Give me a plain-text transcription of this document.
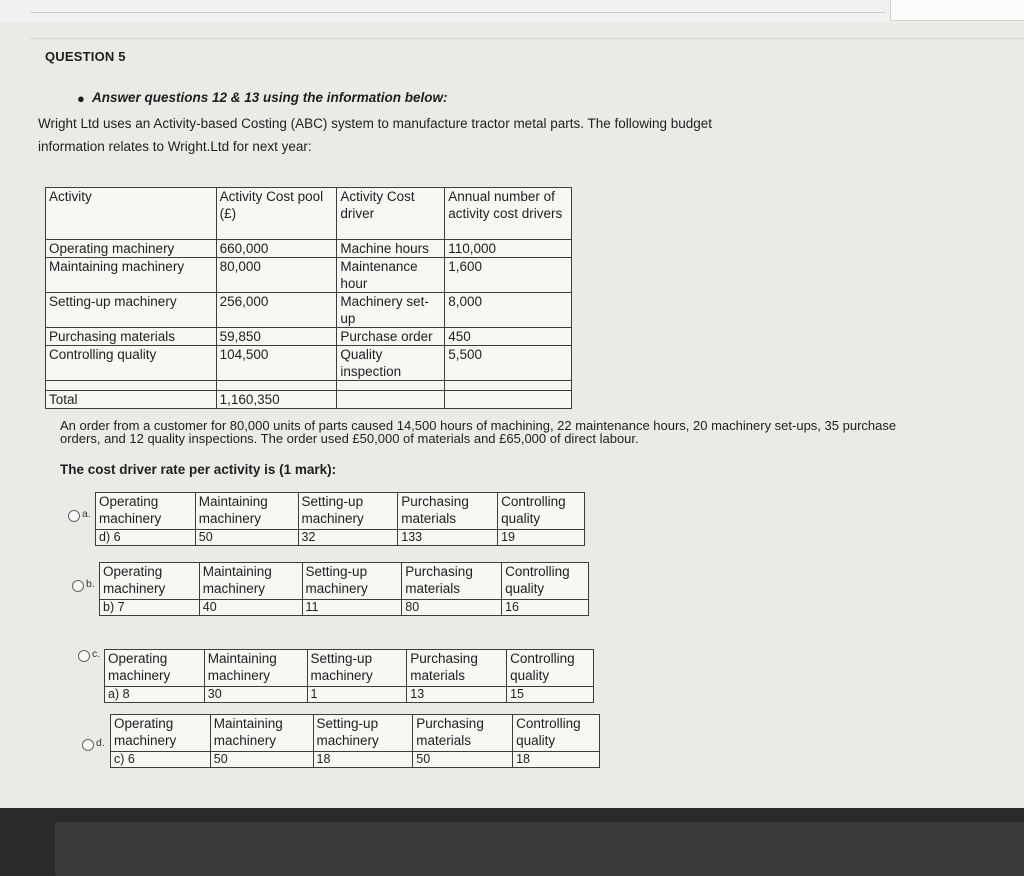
QUESTION 5
● Answer questions 12 & 13 using the information below:
Wright Ltd uses an Activity-based Costing (ABC) system to manufacture tractor metal parts. The following budget
information relates to Wright.Ltd for next year:
Activity	Activity Cost pool (£)	Activity Cost driver	Annual number of activity cost drivers
Operating machinery	660,000	Machine hours	110,000
Maintaining machinery	80,000	Maintenance hour	1,600
Setting-up machinery	256,000	Machinery set-up	8,000
Purchasing materials	59,850	Purchase order	450
Controlling quality	104,500	Quality inspection	5,500

Total	1,160,350		
An order from a customer for 80,000 units of parts caused 14,500 hours of machining, 22 maintenance hours, 20 machinery set-ups, 35 purchase
orders, and 12 quality inspections. The order used £50,000 of materials and £65,000 of direct labour.
The cost driver rate per activity is (1 mark):
a.
Operating machinery	Maintaining machinery	Setting-up machinery	Purchasing materials	Controlling quality
d) 6	50	32	133	19
b.
Operating machinery	Maintaining machinery	Setting-up machinery	Purchasing materials	Controlling quality
b) 7	40	11	80	16
c. Operating machinery	Maintaining machinery	Setting-up machinery	Purchasing materials	Controlling quality
a) 8	30	1	13	15
d.
Operating machinery	Maintaining machinery	Setting-up machinery	Purchasing materials	Controlling quality
c) 6	50	18	50	18
